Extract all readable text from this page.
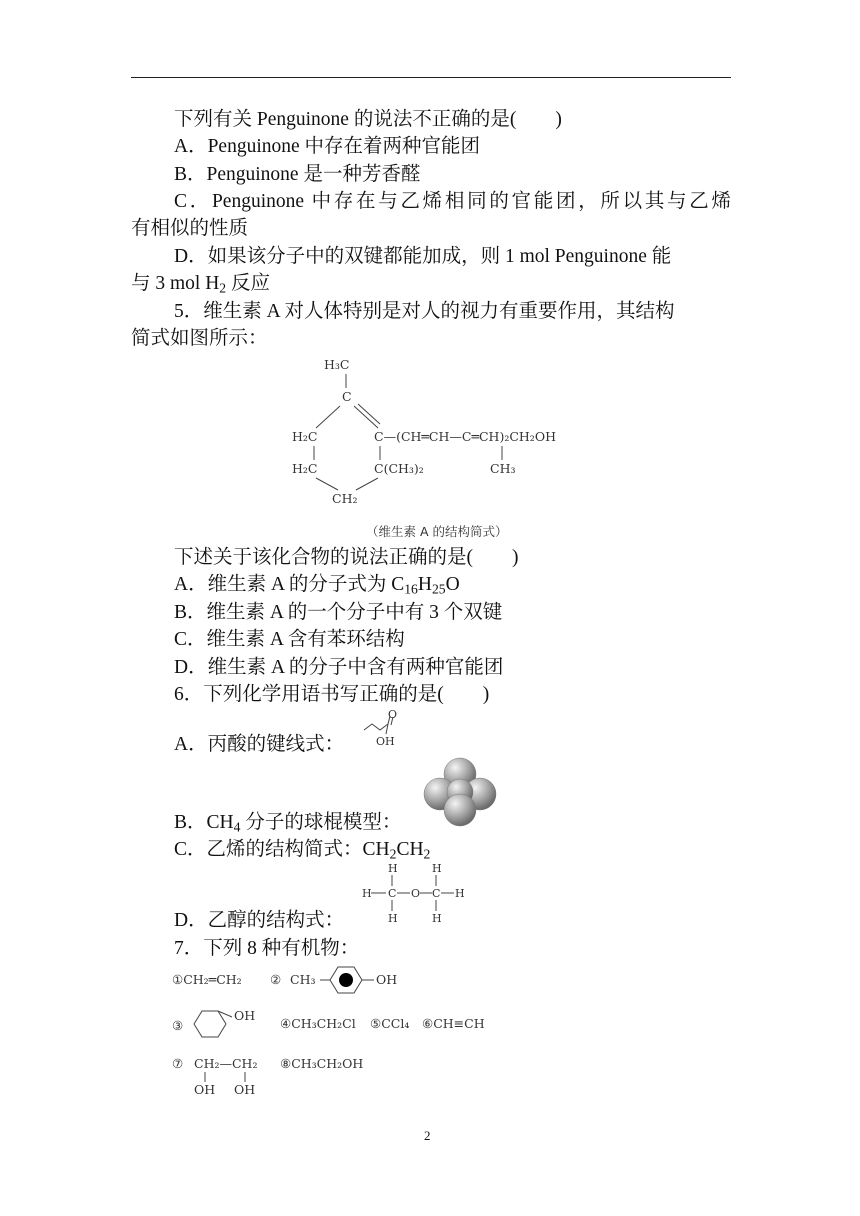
下列有关 Penguinone 的说法不正确的是(　　)
A．Penguinone 中存在着两种官能团
B．Penguinone 是一种芳香醛
C．Penguinone 中存在与乙烯相同的官能团，所以其与乙烯
有相似的性质
D．如果该分子中的双键都能加成，则 1 mol Penguinone 能
与 3 mol $H_2$ 反应
5．维生素 A 对人体特别是对人的视力有重要作用，其结构
简式如图所示：
H₃C
C
H₂C	C—(CH═CH—C═CH)₂CH₂OH
H₂C	C(CH₃)₂	CH₃
CH₂
（维生素 A 的结构简式）
下述关于该化合物的说法正确的是(　　)
A．维生素 A 的分子式为 $C_{16}H_{25}O$
B．维生素 A 的一个分子中有 3 个双键
C．维生素 A 含有苯环结构
D．维生素 A 的分子中含有两种官能团
6．下列化学用语书写正确的是(　　)
A．丙酸的键线式：
O
OH
B．$CH_4$ 分子的球棍模型：
C．乙烯的结构简式：$CH_2CH_2$
D．乙醇的结构式：
H	H
H C O C H
H	H
7．下列 8 种有机物：
①CH₂═CH₂ ② CH₃	OH
③
OH
④CH₃CH₂Cl ⑤CCl₄ ⑥CH≡CH
⑦ CH₂—CH₂
OH OH
⑧CH₃CH₂OH
2
